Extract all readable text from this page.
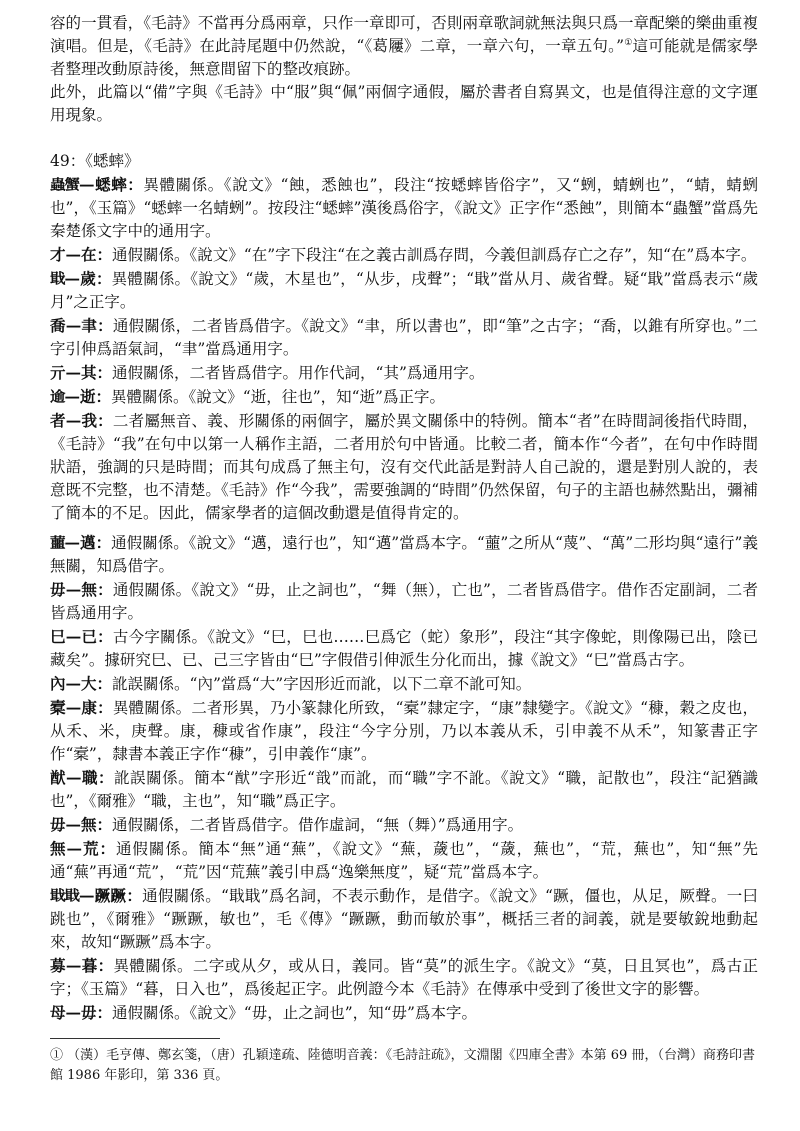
容的一貫看，《毛詩》不當再分爲兩章，只作一章即可，否則兩章歌詞就無法與只爲一章配樂的樂曲重複演唱。但是，《毛詩》在此詩尾題中仍然說，“《葛屨》二章，一章六句，一章五句。”①這可能就是儒家學者整理改動原詩後，無意間留下的整改痕跡。

此外，此篇以“備”字與《毛詩》中“服”與“佩”兩個字通假，屬於書者自寫異文，也是值得注意的文字運用現象。

49：《蟋蟀》

蟲蟹—蟋蟀：異體關係。《說文》“蝕，悉蝕也”，段注“按蟋蟀皆俗字”，又“蛚，蜻蛚也”，“蜻，蜻蛚也”，《玉篇》“蟋蟀一名蜻蛚”。按段注“蟋蟀”漢後爲俗字，《說文》正字作“悉蝕”，則簡本“蟲蟹”當爲先秦楚係文字中的通用字。

才—在：通假關係。《說文》“在”字下段注“在之義古訓爲存問，今義但訓爲存亡之存”，知“在”爲本字。

戢—歲：異體關係。《說文》“歲，木星也”，“从步，戌聲”；“戢”當从月、歲省聲。疑“戢”當爲表示“歲月”之正字。

喬—聿：通假關係，二者皆爲借字。《說文》“聿，所以書也”，即“筆”之古字；“喬，以錐有所穿也。”二字引伸爲語氣詞，“聿”當爲通用字。

亓—其：通假關係，二者皆爲借字。用作代詞，“其”爲通用字。

逾—逝：異體關係。《說文》“逝，往也”，知“逝”爲正字。

者—我：二者屬無音、義、形關係的兩個字，屬於異文關係中的特例。簡本“者”在時間詞後指代時間，《毛詩》“我”在句中以第一人稱作主語，二者用於句中皆通。比較二者，簡本作“今者”，在句中作時間狀語，強調的只是時間；而其句成爲了無主句，沒有交代此話是對詩人自己說的，還是對別人說的，表意既不完整，也不清楚。《毛詩》作“今我”，需要強調的“時間”仍然保留，句子的主語也赫然點出，彌補了簡本的不足。因此，儒家學者的這個改動還是值得肯定的。

蘁—邁：通假關係。《說文》“邁，遠行也”，知“邁”當爲本字。“蘁”之所从“蔑”、“萬”二形均與“遠行”義無關，知爲借字。

毋—無：通假關係。《說文》“毋，止之詞也”，“舞（無），亡也”，二者皆爲借字。借作否定副詞，二者皆爲通用字。

巳—已：古今字關係。《說文》“巳，巳也……巳爲它（蛇）象形”，段注“其字像蛇，則像陽已出，陰已藏矣”。據研究巳、已、己三字皆由“巳”字假借引伸派生分化而出，據《說文》“巳”當爲古字。

內—大：訛誤關係。“內”當爲“大”字因形近而訛，以下二章不訛可知。

槖—康：異體關係。二者形異，乃小篆隸化所致，“槖”隸定字，“康”隸變字。《說文》“穅，穀之皮也，从禾、米，庚聲。康，穅或省作康”，段注“今字分別，乃以本義从禾，引申義不从禾”，知篆書正字作“槖”，隸書本義正字作“穅”，引申義作“康”。

猷—職：訛誤關係。簡本“猷”字形近“戠”而訛，而“職”字不訛。《說文》“職，記散也”，段注“記猶識也”，《爾雅》“職，主也”，知“職”爲正字。

毋—無：通假關係，二者皆爲借字。借作虛詞，“無（舞）”爲通用字。

無—荒：通假關係。簡本“無”通“蕪”，《說文》“蕪，薉也”，“薉，蕪也”，“荒，蕪也”，知“無”先通“蕪”再通“荒”，“荒”因“荒蕪”義引申爲“逸樂無度”，疑“荒”當爲本字。

戢戢—蹶蹶：通假關係。“戢戢”爲名詞，不表示動作，是借字。《說文》“蹶，僵也，从足，厥聲。一曰跳也”，《爾雅》“蹶蹶，敏也”，毛《傳》“蹶蹶，動而敏於事”，概括三者的詞義，就是要敏銳地動起來，故知“蹶蹶”爲本字。

募—暮：異體關係。二字或从夕，或从日，義同。皆“莫”的派生字。《說文》“莫，日且冥也”，爲古正字；《玉篇》“暮，日入也”，爲後起正字。此例證今本《毛詩》在傳承中受到了後世文字的影響。

母—毋：通假關係。《說文》“毋，止之詞也”，知“毋”爲本字。

① （漢）毛亨傳、鄭玄箋，（唐）孔穎達疏、陸德明音義：《毛詩註疏》，文淵閣《四庫全書》本第 69 冊，（台灣）商務印書館 1986 年影印，第 336 頁。
